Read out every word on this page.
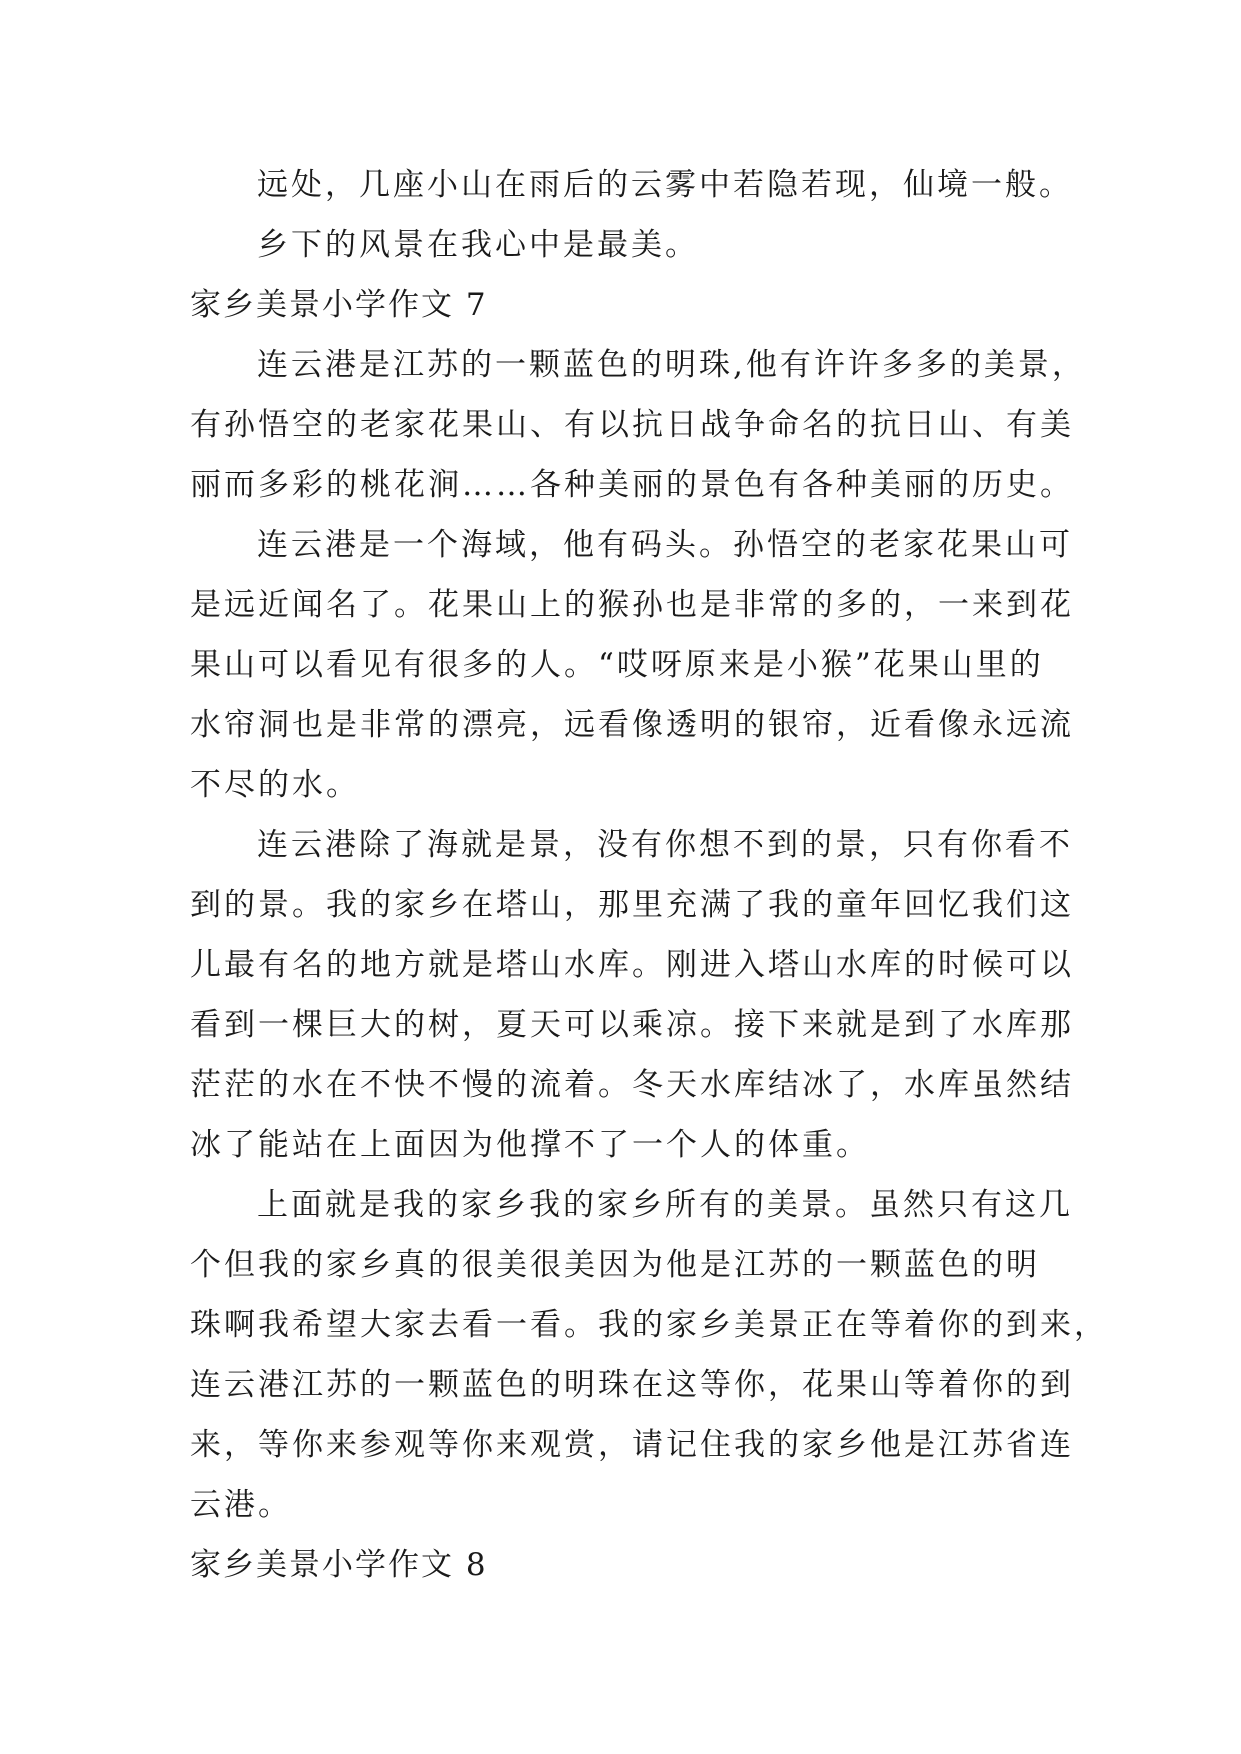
远处，几座小山在雨后的云雾中若隐若现，仙境一般。
乡下的风景在我心中是最美。
家乡美景小学作文 7
连云港是江苏的一颗蓝色的明珠,他有许许多多的美景，
有孙悟空的老家花果山、有以抗日战争命名的抗日山、有美
丽而多彩的桃花涧……各种美丽的景色有各种美丽的历史。
连云港是一个海域，他有码头。孙悟空的老家花果山可
是远近闻名了。花果山上的猴孙也是非常的多的，一来到花
果山可以看见有很多的人。“哎呀原来是小猴”花果山里的
水帘洞也是非常的漂亮，远看像透明的银帘，近看像永远流
不尽的水。
连云港除了海就是景，没有你想不到的景，只有你看不
到的景。我的家乡在塔山，那里充满了我的童年回忆我们这
儿最有名的地方就是塔山水库。刚进入塔山水库的时候可以
看到一棵巨大的树，夏天可以乘凉。接下来就是到了水库那
茫茫的水在不快不慢的流着。冬天水库结冰了，水库虽然结
冰了能站在上面因为他撑不了一个人的体重。
上面就是我的家乡我的家乡所有的美景。虽然只有这几
个但我的家乡真的很美很美因为他是江苏的一颗蓝色的明
珠啊我希望大家去看一看。我的家乡美景正在等着你的到来，
连云港江苏的一颗蓝色的明珠在这等你，花果山等着你的到
来，等你来参观等你来观赏，请记住我的家乡他是江苏省连
云港。
家乡美景小学作文 8
